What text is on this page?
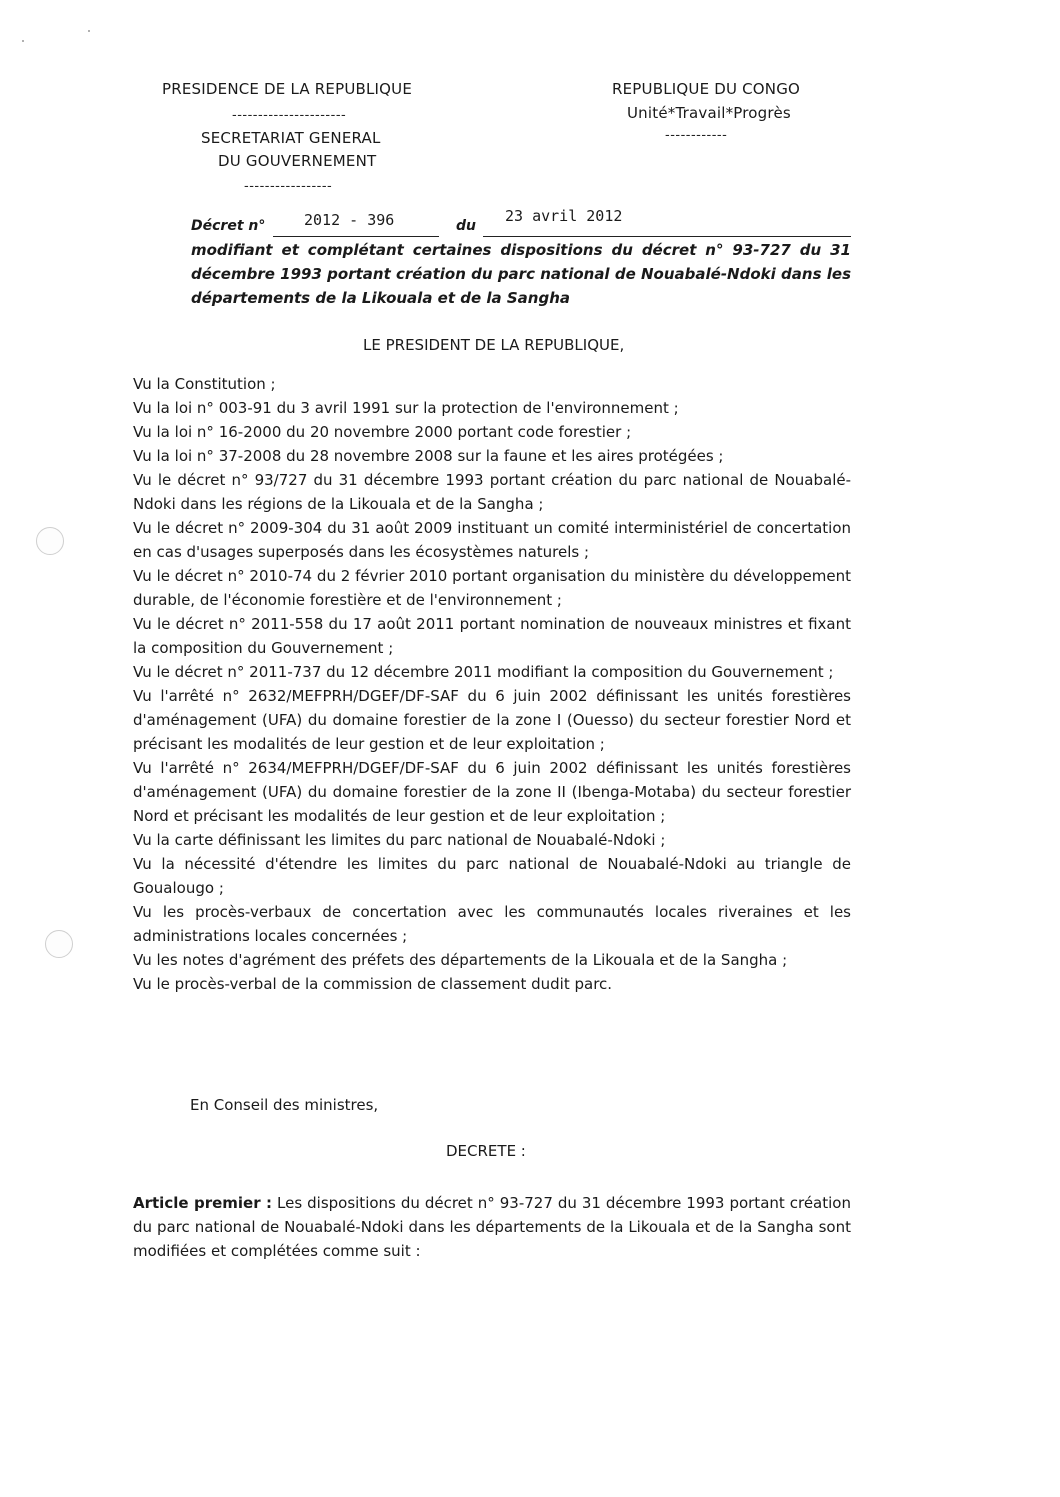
PRESIDENCE DE LA REPUBLIQUE
----------------------
SECRETARIAT GENERAL
DU GOUVERNEMENT
-----------------
REPUBLIQUE DU CONGO
Unité*Travail*Progrès
------------
Décret n°	2012 - 396	du
23 avril 2012
modifiant et complétant certaines dispositions du décret n° 93-727 du 31 décembre 1993 portant création du parc national de Nouabalé-Ndoki dans les départements de la Likouala et de la Sangha
LE PRESIDENT DE LA REPUBLIQUE,

Vu la Constitution ;

Vu la loi n° 003-91 du 3 avril 1991 sur la protection de l'environnement ;

Vu la loi n° 16-2000 du 20 novembre 2000 portant code forestier ;

Vu la loi n° 37-2008 du 28 novembre 2008 sur la faune et les aires protégées ;

Vu le décret n° 93/727 du 31 décembre 1993 portant création du parc national de Nouabalé-Ndoki dans les régions de la Likouala et de la Sangha ;

Vu le décret n° 2009-304 du 31 août 2009 instituant un comité interministériel de concertation en cas d'usages superposés dans les écosystèmes naturels ;

Vu le décret n° 2010-74 du 2 février 2010 portant organisation du ministère du développement durable, de l'économie forestière et de l'environnement ;

Vu le décret n° 2011-558 du 17 août 2011 portant nomination de nouveaux ministres et fixant la composition du Gouvernement ;

Vu le décret n° 2011-737 du 12 décembre 2011 modifiant la composition du Gouvernement ;

Vu l'arrêté n° 2632/MEFPRH/DGEF/DF-SAF du 6 juin 2002 définissant les unités forestières d'aménagement (UFA) du domaine forestier de la zone I (Ouesso) du secteur forestier Nord et précisant les modalités de leur gestion et de leur exploitation ;

Vu l'arrêté n° 2634/MEFPRH/DGEF/DF-SAF du 6 juin 2002 définissant les unités forestières d'aménagement (UFA) du domaine forestier de la zone II (Ibenga-Motaba) du secteur forestier Nord et précisant les modalités de leur gestion et de leur exploitation ;

Vu la carte définissant les limites du parc national de Nouabalé-Ndoki ;

Vu la nécessité d'étendre les limites du parc national de Nouabalé-Ndoki au triangle de Goualougo ;

Vu les procès-verbaux de concertation avec les communautés locales riveraines et les administrations locales concernées ;

Vu les notes d'agrément des préfets des départements de la Likouala et de la Sangha ;

Vu le procès-verbal de la commission de classement dudit parc.

En Conseil des ministres,
DECRETE :
Article premier : Les dispositions du décret n° 93-727 du 31 décembre 1993 portant création du parc national de Nouabalé-Ndoki dans les départements de la Likouala et de la Sangha sont modifiées et complétées comme suit :
